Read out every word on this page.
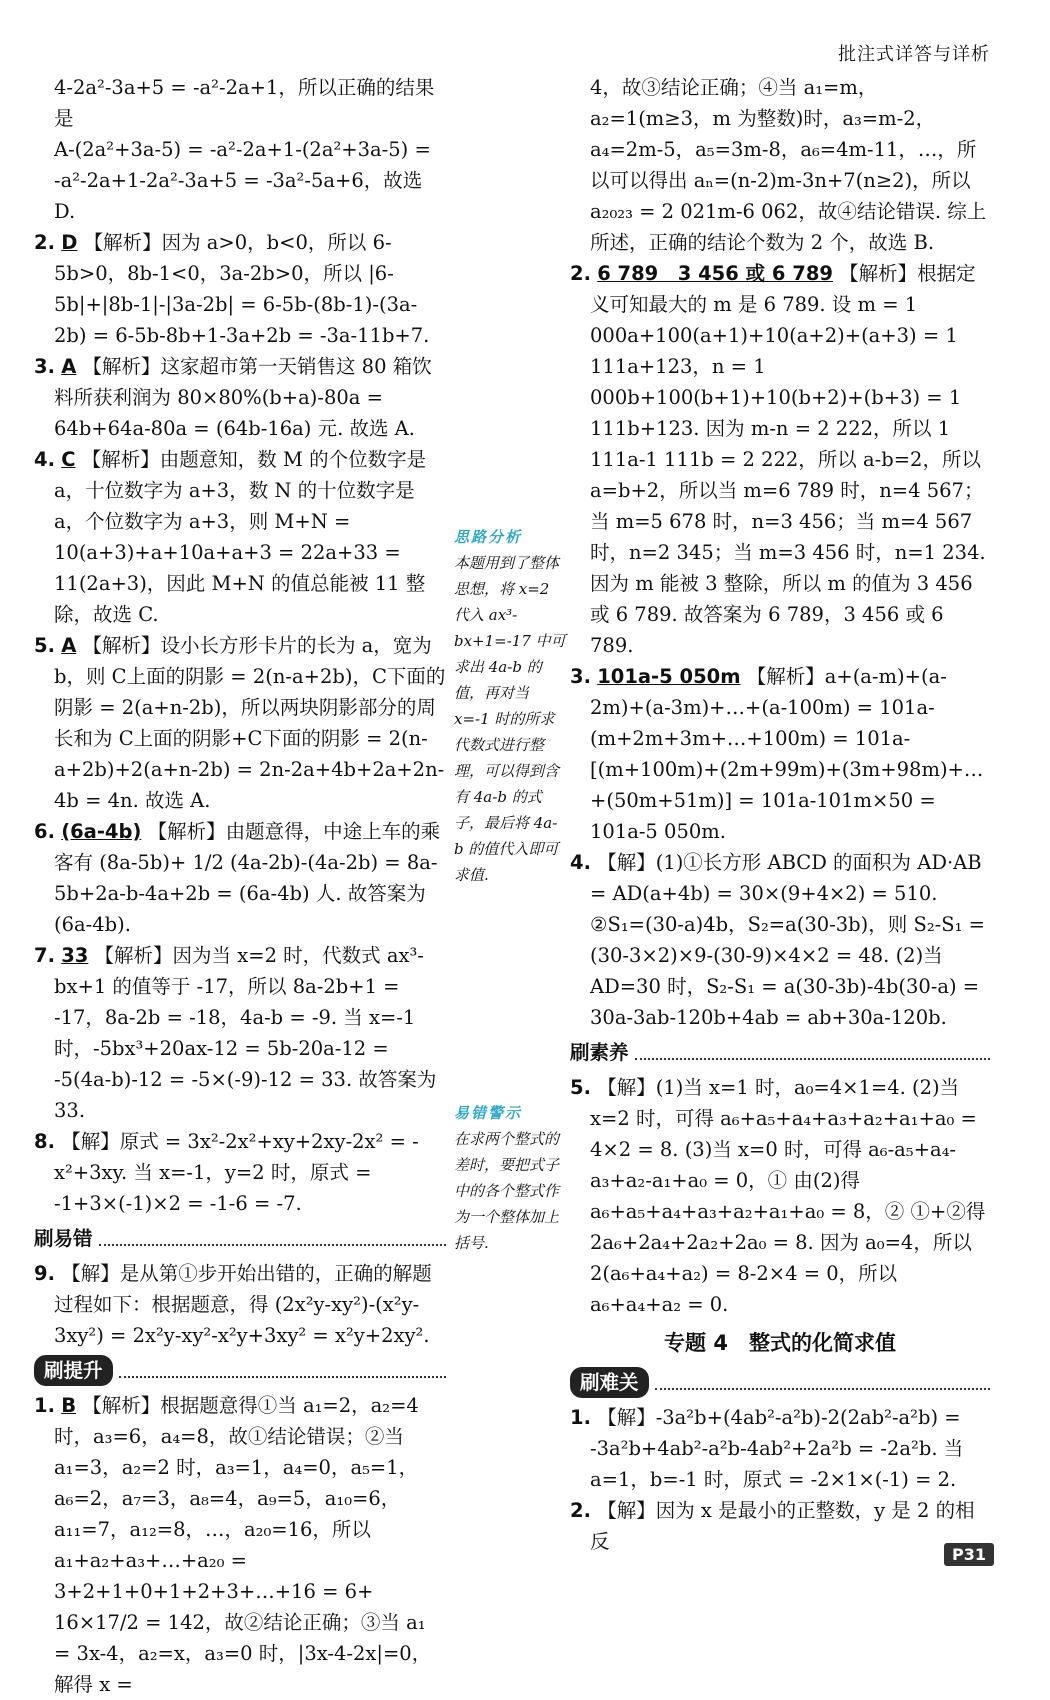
批注式详答与详析

4-2a²-3a+5 = -a²-2a+1，所以正确的结果是

A-(2a²+3a-5) = -a²-2a+1-(2a²+3a-5) =

-a²-2a+1-2a²-3a+5 = -3a²-5a+6，故选 D.

2. D 【解析】因为 a>0，b<0，所以 6-5b>0，8b-1<0，3a-2b>0，所以 |6-5b|+|8b-1|-|3a-2b| = 6-5b-(8b-1)-(3a-2b) = 6-5b-8b+1-3a+2b = -3a-11b+7.

3. A 【解析】这家超市第一天销售这 80 箱饮料所获利润为 80×80%(b+a)-80a = 64b+64a-80a = (64b-16a) 元. 故选 A.

4. C 【解析】由题意知，数 M 的个位数字是 a，十位数字为 a+3，数 N 的十位数字是 a，个位数字为 a+3，则 M+N = 10(a+3)+a+10a+a+3 = 22a+33 = 11(2a+3)，因此 M+N 的值总能被 11 整除，故选 C.

5. A 【解析】设小长方形卡片的长为 a，宽为 b，则 C上面的阴影 = 2(n-a+2b)，C下面的阴影 = 2(a+n-2b)，所以两块阴影部分的周长和为 C上面的阴影+C下面的阴影 = 2(n-a+2b)+2(a+n-2b) = 2n-2a+4b+2a+2n-4b = 4n. 故选 A.

6. (6a-4b) 【解析】由题意得，中途上车的乘客有 (8a-5b)+ 1/2 (4a-2b)-(4a-2b) = 8a-5b+2a-b-4a+2b = (6a-4b) 人. 故答案为 (6a-4b).

7. 33 【解析】因为当 x=2 时，代数式 ax³-bx+1 的值等于 -17，所以 8a-2b+1 = -17，8a-2b = -18，4a-b = -9. 当 x=-1 时，-5bx³+20ax-12 = 5b-20a-12 = -5(4a-b)-12 = -5×(-9)-12 = 33. 故答案为 33.

8. 【解】原式 = 3x²-2x²+xy+2xy-2x² = -x²+3xy. 当 x=-1，y=2 时，原式 = -1+3×(-1)×2 = -1-6 = -7.

刷易错

9. 【解】是从第①步开始出错的，正确的解题过程如下：根据题意，得 (2x²y-xy²)-(x²y-3xy²) = 2x²y-xy²-x²y+3xy² = x²y+2xy².

刷提升

1. B 【解析】根据题意得①当 a₁=2，a₂=4 时，a₃=6，a₄=8，故①结论错误；②当 a₁=3，a₂=2 时，a₃=1，a₄=0，a₅=1，a₆=2，a₇=3，a₈=4，a₉=5，a₁₀=6，a₁₁=7，a₁₂=8，…，a₂₀=16，所以 a₁+a₂+a₃+…+a₂₀ = 3+2+1+0+1+2+3+…+16 = 6+ 16×17/2 = 142，故②结论正确；③当 a₁ = 3x-4，a₂=x，a₃=0 时，|3x-4-2x|=0，解得 x =

思路分析
本题用到了整体思想，将 x=2 代入 ax³-bx+1=-17 中可求出 4a-b 的值，再对当 x=-1 时的所求代数式进行整理，可以得到含有 4a-b 的式子，最后将 4a-b 的值代入即可求值.
易错警示
在求两个整式的差时，要把式子中的各个整式作为一个整体加上括号.

4，故③结论正确；④当 a₁=m，a₂=1(m≥3，m 为整数)时，a₃=m-2，a₄=2m-5，a₅=3m-8，a₆=4m-11，…，所以可以得出 aₙ=(n-2)m-3n+7(n≥2)，所以 a₂₀₂₃ = 2 021m-6 062，故④结论错误. 综上所述，正确的结论个数为 2 个，故选 B.

2. 6 789　3 456 或 6 789 【解析】根据定义可知最大的 m 是 6 789. 设 m = 1 000a+100(a+1)+10(a+2)+(a+3) = 1 111a+123，n = 1 000b+100(b+1)+10(b+2)+(b+3) = 1 111b+123. 因为 m-n = 2 222，所以 1 111a-1 111b = 2 222，所以 a-b=2，所以 a=b+2，所以当 m=6 789 时，n=4 567；当 m=5 678 时，n=3 456；当 m=4 567 时，n=2 345；当 m=3 456 时，n=1 234. 因为 m 能被 3 整除，所以 m 的值为 3 456 或 6 789. 故答案为 6 789，3 456 或 6 789.

3. 101a-5 050m 【解析】a+(a-m)+(a-2m)+(a-3m)+…+(a-100m) = 101a-(m+2m+3m+…+100m) = 101a-[(m+100m)+(2m+99m)+(3m+98m)+…+(50m+51m)] = 101a-101m×50 = 101a-5 050m.

4. 【解】(1)①长方形 ABCD 的面积为 AD·AB = AD(a+4b) = 30×(9+4×2) = 510. ②S₁=(30-a)4b，S₂=a(30-3b)，则 S₂-S₁ = (30-3×2)×9-(30-9)×4×2 = 48. (2)当 AD=30 时，S₂-S₁ = a(30-3b)-4b(30-a) = 30a-3ab-120b+4ab = ab+30a-120b.

刷素养

5. 【解】(1)当 x=1 时，a₀=4×1=4. (2)当 x=2 时，可得 a₆+a₅+a₄+a₃+a₂+a₁+a₀ = 4×2 = 8. (3)当 x=0 时，可得 a₆-a₅+a₄-a₃+a₂-a₁+a₀ = 0，① 由(2)得 a₆+a₅+a₄+a₃+a₂+a₁+a₀ = 8，② ①+②得 2a₆+2a₄+2a₂+2a₀ = 8. 因为 a₀=4，所以 2(a₆+a₄+a₂) = 8-2×4 = 0，所以 a₆+a₄+a₂ = 0.

专题 4　整式的化简求值
刷难关

1. 【解】-3a²b+(4ab²-a²b)-2(2ab²-a²b) = -3a²b+4ab²-a²b-4ab²+2a²b = -2a²b. 当 a=1，b=-1 时，原式 = -2×1×(-1) = 2.

2. 【解】因为 x 是最小的正整数，y 是 2 的相反

P31
